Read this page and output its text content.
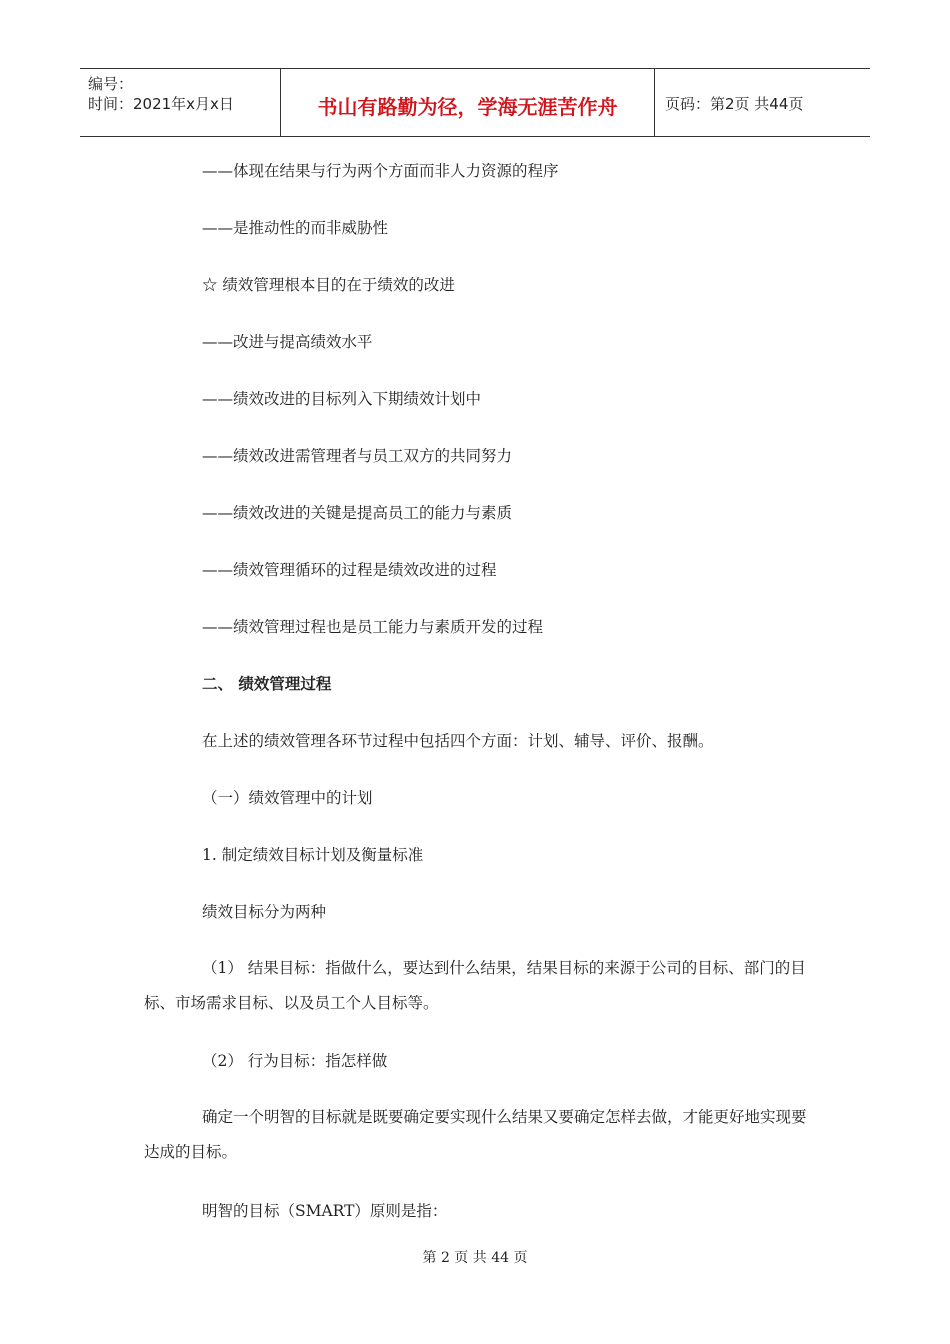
编号：
时间：2021年x月x日	书山有路勤为径，学海无涯苦作舟	页码：第2页 共44页
——体现在结果与行为两个方面而非人力资源的程序
——是推动性的而非威胁性
☆ 绩效管理根本目的在于绩效的改进
——改进与提高绩效水平
——绩效改进的目标列入下期绩效计划中
——绩效改进需管理者与员工双方的共同努力
——绩效改进的关键是提高员工的能力与素质
——绩效管理循环的过程是绩效改进的过程
——绩效管理过程也是员工能力与素质开发的过程
二、 绩效管理过程
在上述的绩效管理各环节过程中包括四个方面：计划、辅导、评价、报酬。
（一）绩效管理中的计划
1. 制定绩效目标计划及衡量标准
绩效目标分为两种
（1） 结果目标：指做什么，要达到什么结果，结果目标的来源于公司的目标、部门的目标、市场需求目标、以及员工个人目标等。
（2） 行为目标：指怎样做
确定一个明智的目标就是既要确定要实现什么结果又要确定怎样去做，才能更好地实现要达成的目标。
明智的目标（SMART）原则是指：
第 2 页 共 44 页
